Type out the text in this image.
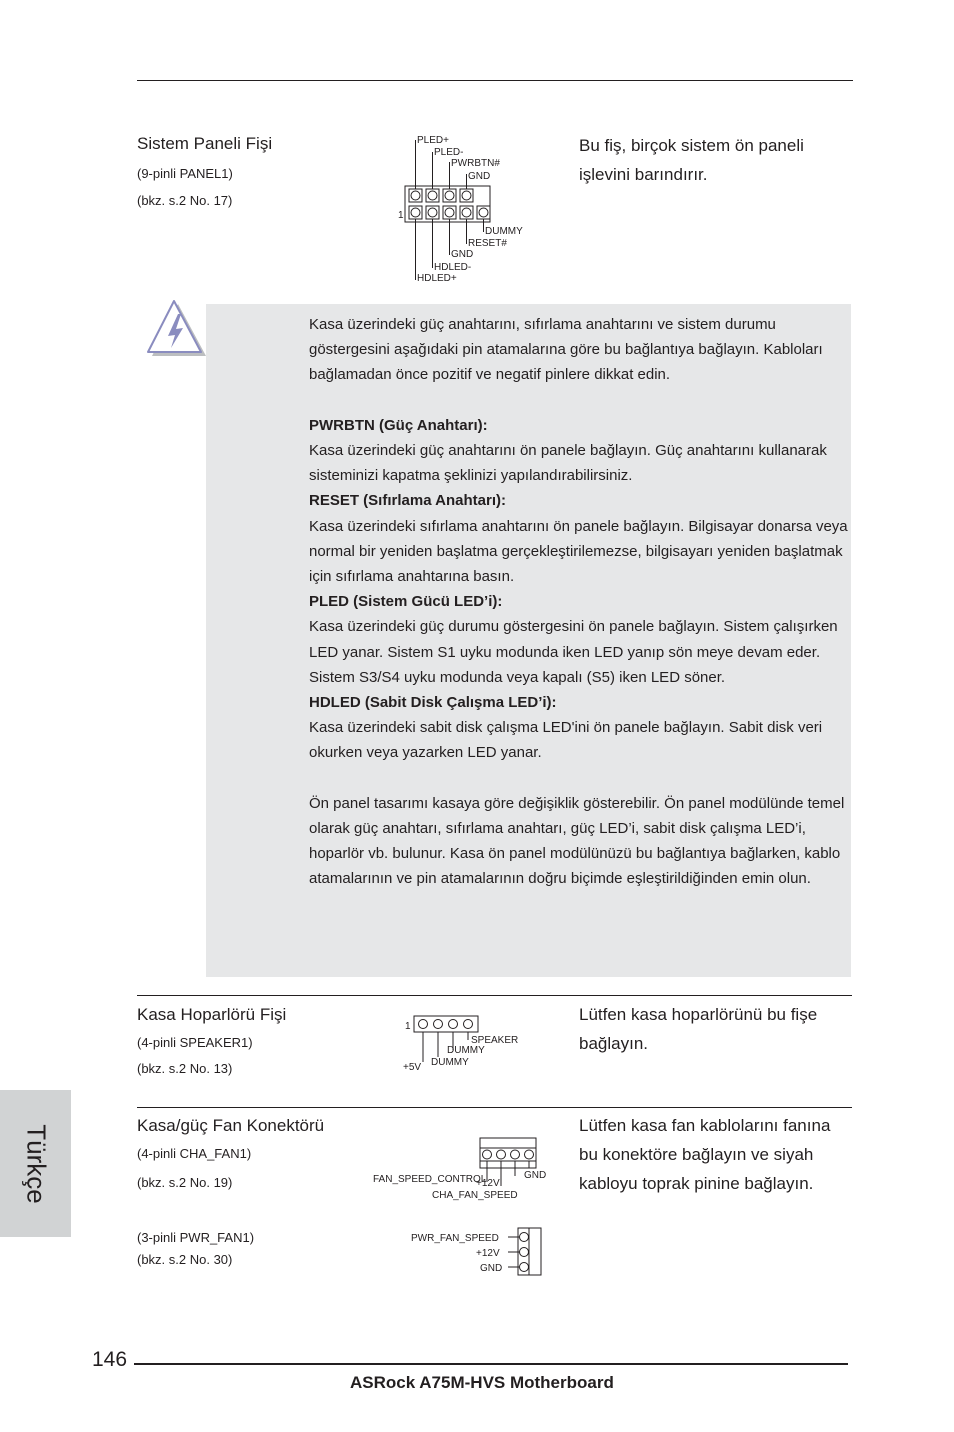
Sistem Paneli Fişi
(9-pinli PANEL1)
(bkz. s.2 No. 17)
Bu fiş, birçok sistem ön paneli işlevini barındırır.
PLED+
PLED-
PWRBTN#
GND
DUMMY
RESET#
GND
HDLED-
HDLED+
1

Kasa üzerindeki güç anahtarını, sıfırlama anahtarını ve sistem durumu göstergesini aşağıdaki pin atamalarına göre bu bağlantıya bağlayın. Kabloları bağlamadan önce pozitif ve negatif pinlere dikkat edin.

PWRBTN (Güç Anahtarı):

Kasa üzerindeki güç anahtarını ön panele bağlayın. Güç anahtarını kullanarak sisteminizi kapatma şeklinizi yapılandırabilirsiniz.

RESET (Sıfırlama Anahtarı):

Kasa üzerindeki sıfırlama anahtarını ön panele bağlayın. Bilgisayar donarsa veya normal bir yeniden başlatma gerçekleştirilemezse, bilgisayarı yeniden başlatmak için sıfırlama anahtarına basın.

PLED (Sistem Gücü LED’i):

Kasa üzerindeki güç durumu göstergesini ön panele bağlayın. Sistem çalışırken LED yanar. Sistem S1 uyku modunda iken LED yanıp sön meye devam eder. Sistem S3/S4 uyku modunda veya kapalı (S5) iken LED söner.

HDLED (Sabit Disk Çalışma LED’i):

Kasa üzerindeki sabit disk çalışma LED'ini ön panele bağlayın. Sabit disk veri okurken veya yazarken LED yanar.

Ön panel tasarımı kasaya göre değişiklik gösterebilir. Ön panel modülünde temel olarak güç anahtarı, sıfırlama anahtarı, güç LED’i, sabit disk çalışma LED’i, hoparlör vb. bulunur. Kasa ön panel modülünüzü bu bağlantıya bağlarken, kablo atamalarının ve pin atamalarının doğru biçimde eşleştirildiğinden emin olun.

Kasa Hoparlörü Fişi
(4-pinli SPEAKER1)
(bkz. s.2 No. 13)
Lütfen kasa hoparlörünü bu fişe bağlayın.
1
SPEAKER
DUMMY
+5V DUMMY
Kasa/güç Fan Konektörü
(4-pinli CHA_FAN1)
(bkz. s.2 No. 19)
(3-pinli PWR_FAN1)
(bkz. s.2 No. 30)
Lütfen kasa fan kablolarını fanına bu konektöre bağlayın ve siyah kabloyu toprak pinine bağlayın.
FAN_SPEED_CONTROL
+12V
GND
CHA_FAN_SPEED
PWR_FAN_SPEED
+12V
GND
Türkçe
146
ASRock A75M-HVS Motherboard
